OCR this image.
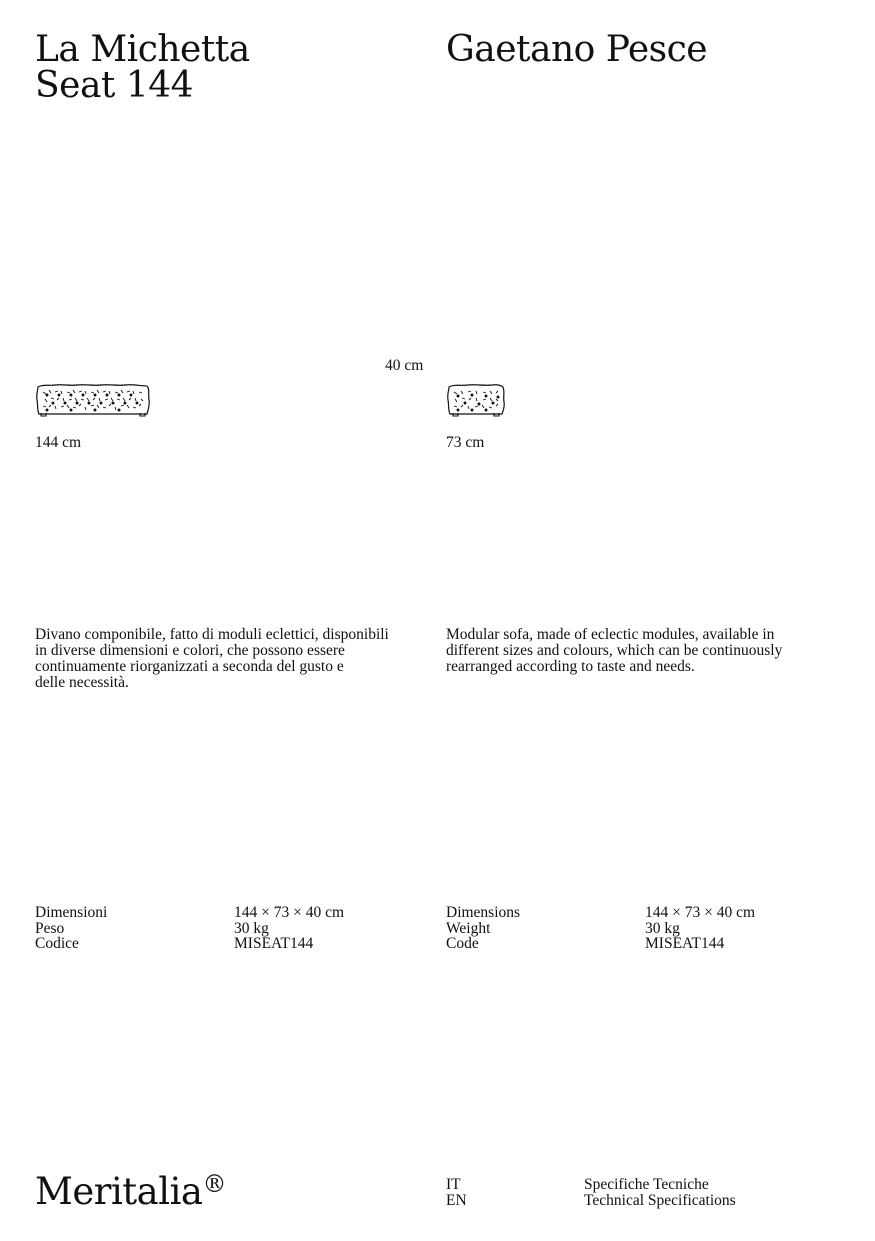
La Michetta
Seat 144
Gaetano Pesce
40 cm
144 cm	73 cm
Divano componibile, fatto di moduli eclettici, disponibili
in diverse dimensioni e colori, che possono essere
continuamente riorganizzati a seconda del gusto e
delle necessità.
Modular sofa, made of eclectic modules, available in
different sizes and colours, which can be continuously
rearranged according to taste and needs.
Dimensioni	144 × 73 × 40 cm
Peso	30 kg
Codice	MISEAT144
Dimensions	144 × 73 × 40 cm
Weight	30 kg
Code	MISEAT144
Meritalia®	IT	Specifiche Tecniche
EN	Technical Specifications
